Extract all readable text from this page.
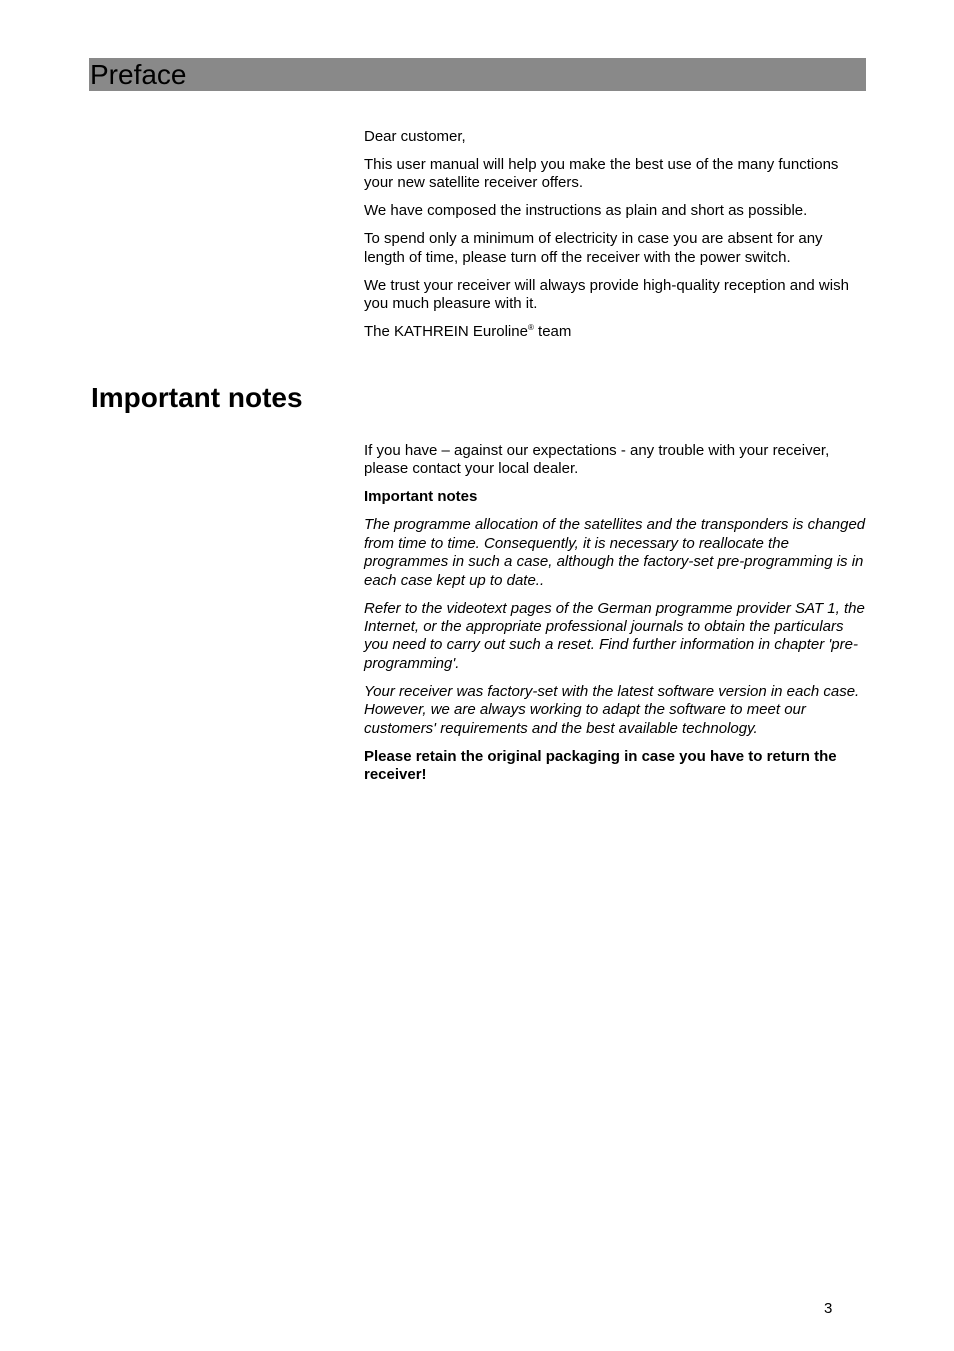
Preface

Dear customer,

This user manual will help you make the best use of the many functions your new satellite receiver offers.

We have composed the instructions as plain and short as possible.

To spend only a minimum of electricity in case you are absent for any length of time, please turn off the receiver with the power switch.

We trust your receiver will always provide high-quality reception and wish you much pleasure with it.

The KATHREIN Euroline® team

Important notes

If you have – against our expectations - any trouble with your receiver, please contact your local dealer.

Important notes

The programme allocation of the satellites and the transponders is changed from time to time. Consequently, it is necessary to reallocate the programmes in such a case, although the factory-set pre-programming is in each case kept up to date..

Refer to the videotext pages of the German programme provider SAT 1, the Internet, or the appropriate professional journals to obtain the particulars you need to carry out such a reset. Find further information in chapter 'pre-programming'.

Your receiver was factory-set with the latest software version in each case. However, we are always working to adapt the software to meet our customers' requirements and the best available technology.

Please retain the original packaging in case you have to return the receiver!

3
